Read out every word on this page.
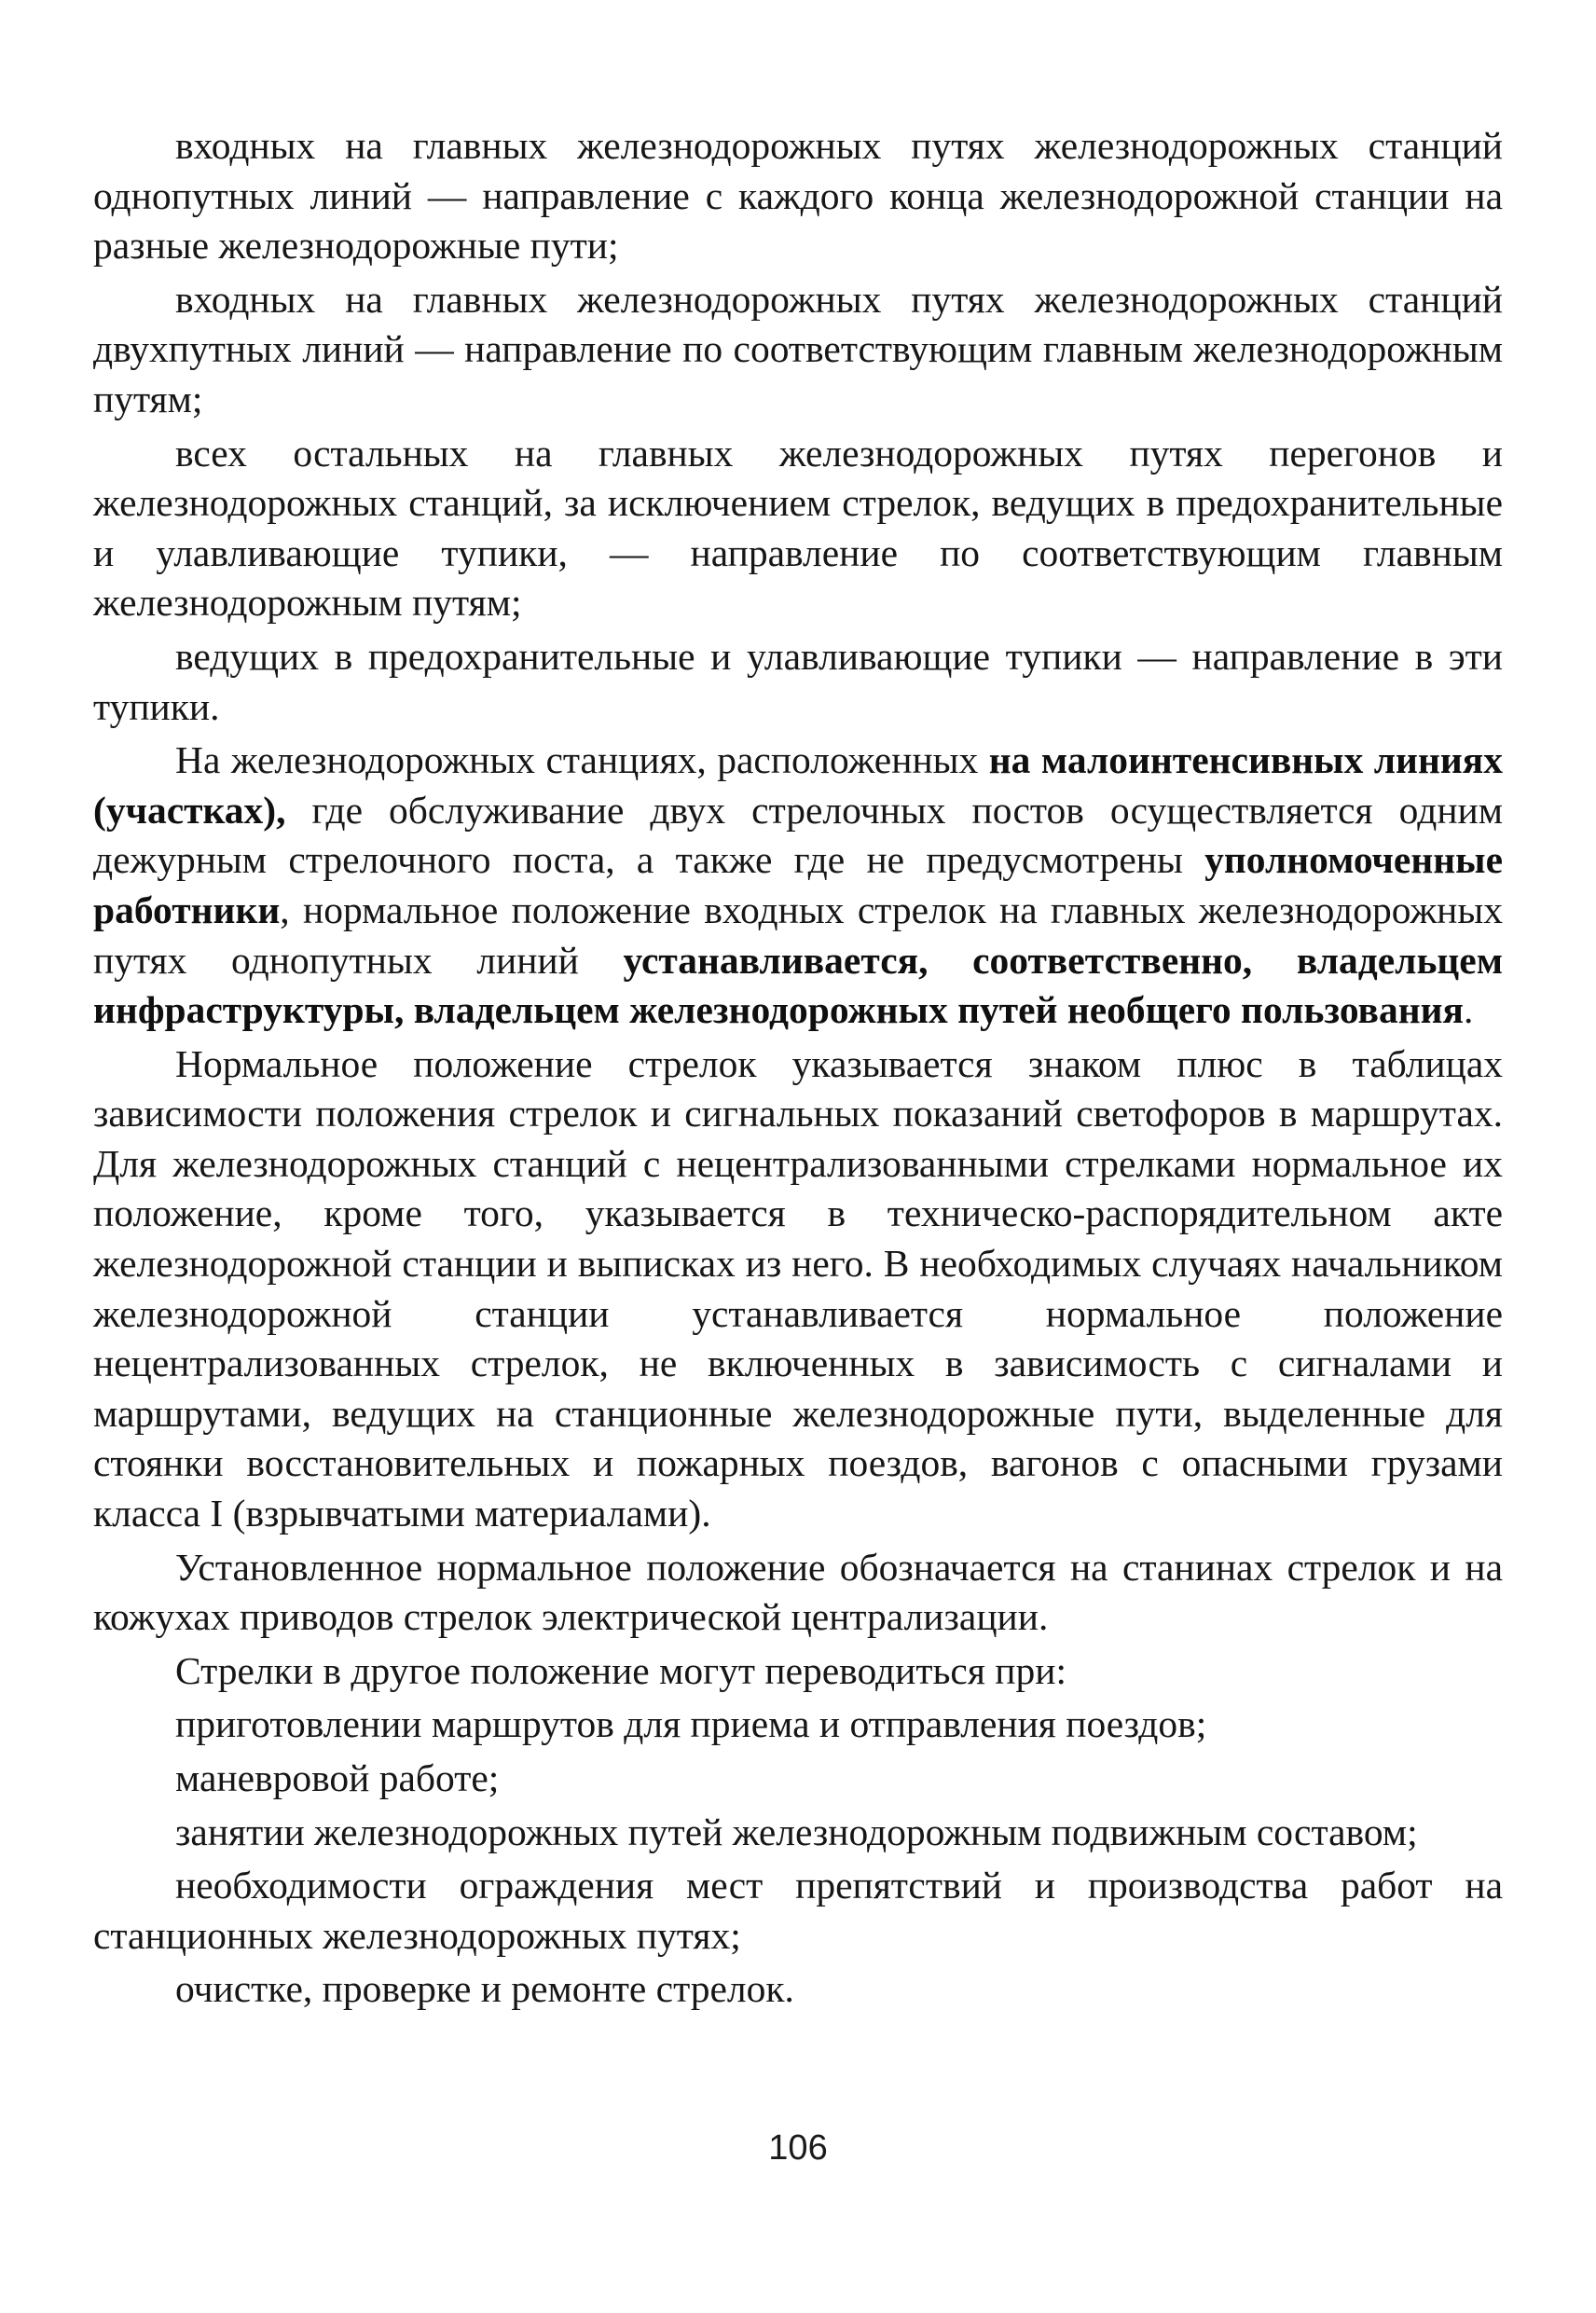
входных на главных железнодорожных путях железнодорожных станций однопутных линий — направление с каждого конца железнодорожной станции на разные железнодорожные пути;

входных на главных железнодорожных путях железнодорожных станций двухпутных линий — направление по соответствующим главным железнодорожным путям;

всех остальных на главных железнодорожных путях перегонов и железнодорожных станций, за исключением стрелок, ведущих в предохранительные и улавливающие тупики, — направление по соответствующим главным железнодорожным путям;

ведущих в предохранительные и улавливающие тупики — направление в эти тупики.

На железнодорожных станциях, расположенных на малоинтенсивных линиях (участках), где обслуживание двух стрелочных постов осуществляется одним дежурным стрелочного поста, а также где не предусмотрены уполномоченные работники, нормальное положение входных стрелок на главных железнодорожных путях однопутных линий устанавливается, соответственно, владельцем инфраструктуры, владельцем железнодорожных путей необщего пользования.

Нормальное положение стрелок указывается знаком плюс в таблицах зависимости положения стрелок и сигнальных показаний светофоров в маршрутах. Для железнодорожных станций с нецентрализованными стрелками нормальное их положение, кроме того, указывается в техническо-распорядительном акте железнодорожной станции и выписках из него. В необходимых случаях начальником железнодорожной станции устанавливается нормальное положение нецентрализованных стрелок, не включенных в зависимость с сигналами и маршрутами, ведущих на станционные железнодорожные пути, выделенные для стоянки восстановительных и пожарных поездов, вагонов с опасными грузами класса I (взрывчатыми материалами).

Установленное нормальное положение обозначается на станинах стрелок и на кожухах приводов стрелок электрической централизации.

Стрелки в другое положение могут переводиться при:

приготовлении маршрутов для приема и отправления поездов;

маневровой работе;

занятии железнодорожных путей железнодорожным подвижным составом;

необходимости ограждения мест препятствий и производства работ на станционных железнодорожных путях;

очистке, проверке и ремонте стрелок.

106
